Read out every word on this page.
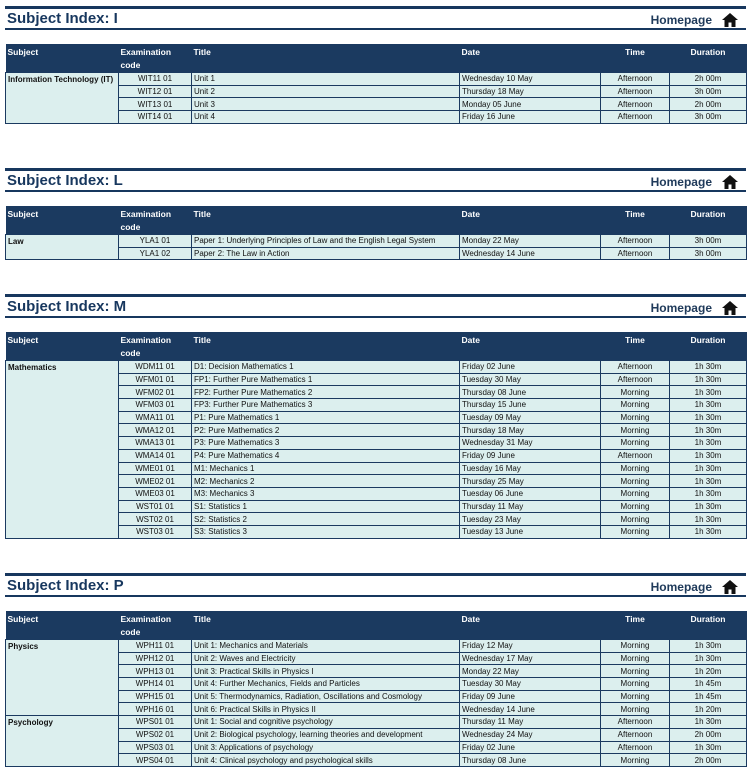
Subject Index: I	Homepage
Subject	Examination code	Title	Date	Time	Duration
Information Technology (IT)	WIT11 01	Unit 1	Wednesday 10 May	Afternoon	2h 00m
	WIT12 01	Unit 2	Thursday 18 May	Afternoon	3h 00m
	WIT13 01	Unit 3	Monday 05 June	Afternoon	2h 00m
	WIT14 01	Unit 4	Friday 16 June	Afternoon	3h 00m
Subject Index: L	Homepage
Subject	Examination code	Title	Date	Time	Duration
Law	YLA1 01	Paper 1: Underlying Principles of Law and the English Legal System	Monday 22 May	Afternoon	3h 00m
	YLA1 02	Paper 2: The Law in Action	Wednesday 14 June	Afternoon	3h 00m
Subject Index: M	Homepage
Subject	Examination code	Title	Date	Time	Duration
Mathematics	WDM11 01	D1: Decision Mathematics 1	Friday 02 June	Afternoon	1h 30m
	WFM01 01	FP1: Further Pure Mathematics 1	Tuesday 30 May	Afternoon	1h 30m
	WFM02 01	FP2: Further Pure Mathematics 2	Thursday 08 June	Morning	1h 30m
	WFM03 01	FP3: Further Pure Mathematics 3	Thursday 15 June	Morning	1h 30m
	WMA11 01	P1: Pure Mathematics 1	Tuesday 09 May	Morning	1h 30m
	WMA12 01	P2: Pure Mathematics 2	Thursday 18 May	Morning	1h 30m
	WMA13 01	P3: Pure Mathematics 3	Wednesday 31 May	Morning	1h 30m
	WMA14 01	P4: Pure Mathematics 4	Friday 09 June	Afternoon	1h 30m
	WME01 01	M1: Mechanics 1	Tuesday 16 May	Morning	1h 30m
	WME02 01	M2: Mechanics 2	Thursday 25 May	Morning	1h 30m
	WME03 01	M3: Mechanics 3	Tuesday 06 June	Morning	1h 30m
	WST01 01	S1: Statistics 1	Thursday 11 May	Morning	1h 30m
	WST02 01	S2: Statistics 2	Tuesday 23 May	Morning	1h 30m
	WST03 01	S3: Statistics 3	Tuesday 13 June	Morning	1h 30m
Subject Index: P	Homepage
Subject	Examination code	Title	Date	Time	Duration
Physics	WPH11 01	Unit 1: Mechanics and Materials	Friday 12 May	Morning	1h 30m
	WPH12 01	Unit 2: Waves and Electricity	Wednesday 17 May	Morning	1h 30m
	WPH13 01	Unit 3: Practical Skills in Physics I	Monday 22 May	Morning	1h 20m
	WPH14 01	Unit 4: Further Mechanics, Fields and Particles	Tuesday 30 May	Morning	1h 45m
	WPH15 01	Unit 5: Thermodynamics, Radiation, Oscillations and Cosmology	Friday 09 June	Morning	1h 45m
	WPH16 01	Unit 6: Practical Skills in Physics II	Wednesday 14 June	Morning	1h 20m
Psychology	WPS01 01	Unit 1: Social and cognitive psychology	Thursday 11 May	Afternoon	1h 30m
	WPS02 01	Unit 2: Biological psychology, learning theories and development	Wednesday 24 May	Afternoon	2h 00m
	WPS03 01	Unit 3: Applications of psychology	Friday 02 June	Afternoon	1h 30m
	WPS04 01	Unit 4: Clinical psychology and psychological skills	Thursday 08 June	Morning	2h 00m
